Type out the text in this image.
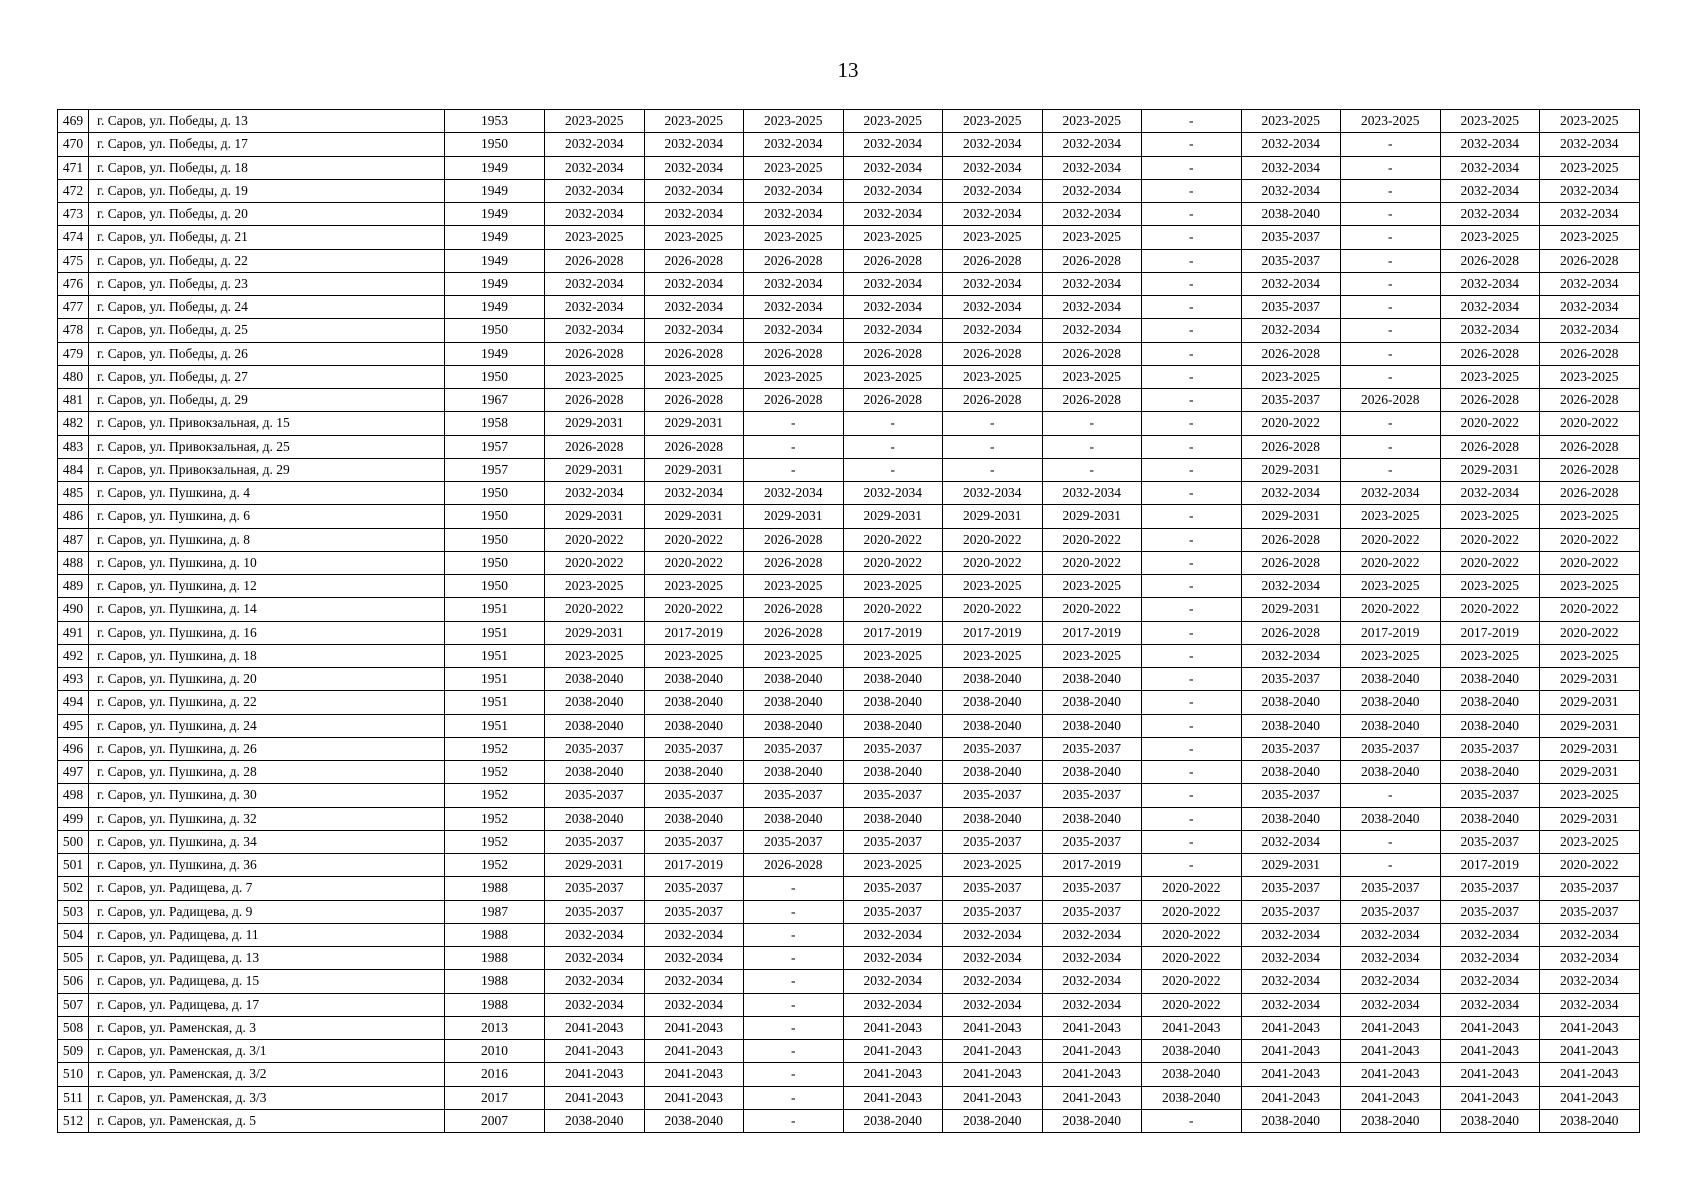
13
469	г. Саров, ул. Победы, д. 13	1953	2023-2025	2023-2025	2023-2025	2023-2025	2023-2025	2023-2025	-	2023-2025	2023-2025	2023-2025	2023-2025
470	г. Саров, ул. Победы, д. 17	1950	2032-2034	2032-2034	2032-2034	2032-2034	2032-2034	2032-2034	-	2032-2034	-	2032-2034	2032-2034
471	г. Саров, ул. Победы, д. 18	1949	2032-2034	2032-2034	2023-2025	2032-2034	2032-2034	2032-2034	-	2032-2034	-	2032-2034	2023-2025
472	г. Саров, ул. Победы, д. 19	1949	2032-2034	2032-2034	2032-2034	2032-2034	2032-2034	2032-2034	-	2032-2034	-	2032-2034	2032-2034
473	г. Саров, ул. Победы, д. 20	1949	2032-2034	2032-2034	2032-2034	2032-2034	2032-2034	2032-2034	-	2038-2040	-	2032-2034	2032-2034
474	г. Саров, ул. Победы, д. 21	1949	2023-2025	2023-2025	2023-2025	2023-2025	2023-2025	2023-2025	-	2035-2037	-	2023-2025	2023-2025
475	г. Саров, ул. Победы, д. 22	1949	2026-2028	2026-2028	2026-2028	2026-2028	2026-2028	2026-2028	-	2035-2037	-	2026-2028	2026-2028
476	г. Саров, ул. Победы, д. 23	1949	2032-2034	2032-2034	2032-2034	2032-2034	2032-2034	2032-2034	-	2032-2034	-	2032-2034	2032-2034
477	г. Саров, ул. Победы, д. 24	1949	2032-2034	2032-2034	2032-2034	2032-2034	2032-2034	2032-2034	-	2035-2037	-	2032-2034	2032-2034
478	г. Саров, ул. Победы, д. 25	1950	2032-2034	2032-2034	2032-2034	2032-2034	2032-2034	2032-2034	-	2032-2034	-	2032-2034	2032-2034
479	г. Саров, ул. Победы, д. 26	1949	2026-2028	2026-2028	2026-2028	2026-2028	2026-2028	2026-2028	-	2026-2028	-	2026-2028	2026-2028
480	г. Саров, ул. Победы, д. 27	1950	2023-2025	2023-2025	2023-2025	2023-2025	2023-2025	2023-2025	-	2023-2025	-	2023-2025	2023-2025
481	г. Саров, ул. Победы, д. 29	1967	2026-2028	2026-2028	2026-2028	2026-2028	2026-2028	2026-2028	-	2035-2037	2026-2028	2026-2028	2026-2028
482	г. Саров, ул. Привокзальная, д. 15	1958	2029-2031	2029-2031	-	-	-	-	-	2020-2022	-	2020-2022	2020-2022
483	г. Саров, ул. Привокзальная, д. 25	1957	2026-2028	2026-2028	-	-	-	-	-	2026-2028	-	2026-2028	2026-2028
484	г. Саров, ул. Привокзальная, д. 29	1957	2029-2031	2029-2031	-	-	-	-	-	2029-2031	-	2029-2031	2026-2028
485	г. Саров, ул. Пушкина, д. 4	1950	2032-2034	2032-2034	2032-2034	2032-2034	2032-2034	2032-2034	-	2032-2034	2032-2034	2032-2034	2026-2028
486	г. Саров, ул. Пушкина, д. 6	1950	2029-2031	2029-2031	2029-2031	2029-2031	2029-2031	2029-2031	-	2029-2031	2023-2025	2023-2025	2023-2025
487	г. Саров, ул. Пушкина, д. 8	1950	2020-2022	2020-2022	2026-2028	2020-2022	2020-2022	2020-2022	-	2026-2028	2020-2022	2020-2022	2020-2022
488	г. Саров, ул. Пушкина, д. 10	1950	2020-2022	2020-2022	2026-2028	2020-2022	2020-2022	2020-2022	-	2026-2028	2020-2022	2020-2022	2020-2022
489	г. Саров, ул. Пушкина, д. 12	1950	2023-2025	2023-2025	2023-2025	2023-2025	2023-2025	2023-2025	-	2032-2034	2023-2025	2023-2025	2023-2025
490	г. Саров, ул. Пушкина, д. 14	1951	2020-2022	2020-2022	2026-2028	2020-2022	2020-2022	2020-2022	-	2029-2031	2020-2022	2020-2022	2020-2022
491	г. Саров, ул. Пушкина, д. 16	1951	2029-2031	2017-2019	2026-2028	2017-2019	2017-2019	2017-2019	-	2026-2028	2017-2019	2017-2019	2020-2022
492	г. Саров, ул. Пушкина, д. 18	1951	2023-2025	2023-2025	2023-2025	2023-2025	2023-2025	2023-2025	-	2032-2034	2023-2025	2023-2025	2023-2025
493	г. Саров, ул. Пушкина, д. 20	1951	2038-2040	2038-2040	2038-2040	2038-2040	2038-2040	2038-2040	-	2035-2037	2038-2040	2038-2040	2029-2031
494	г. Саров, ул. Пушкина, д. 22	1951	2038-2040	2038-2040	2038-2040	2038-2040	2038-2040	2038-2040	-	2038-2040	2038-2040	2038-2040	2029-2031
495	г. Саров, ул. Пушкина, д. 24	1951	2038-2040	2038-2040	2038-2040	2038-2040	2038-2040	2038-2040	-	2038-2040	2038-2040	2038-2040	2029-2031
496	г. Саров, ул. Пушкина, д. 26	1952	2035-2037	2035-2037	2035-2037	2035-2037	2035-2037	2035-2037	-	2035-2037	2035-2037	2035-2037	2029-2031
497	г. Саров, ул. Пушкина, д. 28	1952	2038-2040	2038-2040	2038-2040	2038-2040	2038-2040	2038-2040	-	2038-2040	2038-2040	2038-2040	2029-2031
498	г. Саров, ул. Пушкина, д. 30	1952	2035-2037	2035-2037	2035-2037	2035-2037	2035-2037	2035-2037	-	2035-2037	-	2035-2037	2023-2025
499	г. Саров, ул. Пушкина, д. 32	1952	2038-2040	2038-2040	2038-2040	2038-2040	2038-2040	2038-2040	-	2038-2040	2038-2040	2038-2040	2029-2031
500	г. Саров, ул. Пушкина, д. 34	1952	2035-2037	2035-2037	2035-2037	2035-2037	2035-2037	2035-2037	-	2032-2034	-	2035-2037	2023-2025
501	г. Саров, ул. Пушкина, д. 36	1952	2029-2031	2017-2019	2026-2028	2023-2025	2023-2025	2017-2019	-	2029-2031	-	2017-2019	2020-2022
502	г. Саров, ул. Радищева, д. 7	1988	2035-2037	2035-2037	-	2035-2037	2035-2037	2035-2037	2020-2022	2035-2037	2035-2037	2035-2037	2035-2037
503	г. Саров, ул. Радищева, д. 9	1987	2035-2037	2035-2037	-	2035-2037	2035-2037	2035-2037	2020-2022	2035-2037	2035-2037	2035-2037	2035-2037
504	г. Саров, ул. Радищева, д. 11	1988	2032-2034	2032-2034	-	2032-2034	2032-2034	2032-2034	2020-2022	2032-2034	2032-2034	2032-2034	2032-2034
505	г. Саров, ул. Радищева, д. 13	1988	2032-2034	2032-2034	-	2032-2034	2032-2034	2032-2034	2020-2022	2032-2034	2032-2034	2032-2034	2032-2034
506	г. Саров, ул. Радищева, д. 15	1988	2032-2034	2032-2034	-	2032-2034	2032-2034	2032-2034	2020-2022	2032-2034	2032-2034	2032-2034	2032-2034
507	г. Саров, ул. Радищева, д. 17	1988	2032-2034	2032-2034	-	2032-2034	2032-2034	2032-2034	2020-2022	2032-2034	2032-2034	2032-2034	2032-2034
508	г. Саров, ул. Раменская, д. 3	2013	2041-2043	2041-2043	-	2041-2043	2041-2043	2041-2043	2041-2043	2041-2043	2041-2043	2041-2043	2041-2043
509	г. Саров, ул. Раменская, д. 3/1	2010	2041-2043	2041-2043	-	2041-2043	2041-2043	2041-2043	2038-2040	2041-2043	2041-2043	2041-2043	2041-2043
510	г. Саров, ул. Раменская, д. 3/2	2016	2041-2043	2041-2043	-	2041-2043	2041-2043	2041-2043	2038-2040	2041-2043	2041-2043	2041-2043	2041-2043
511	г. Саров, ул. Раменская, д. 3/3	2017	2041-2043	2041-2043	-	2041-2043	2041-2043	2041-2043	2038-2040	2041-2043	2041-2043	2041-2043	2041-2043
512	г. Саров, ул. Раменская, д. 5	2007	2038-2040	2038-2040	-	2038-2040	2038-2040	2038-2040	-	2038-2040	2038-2040	2038-2040	2038-2040
